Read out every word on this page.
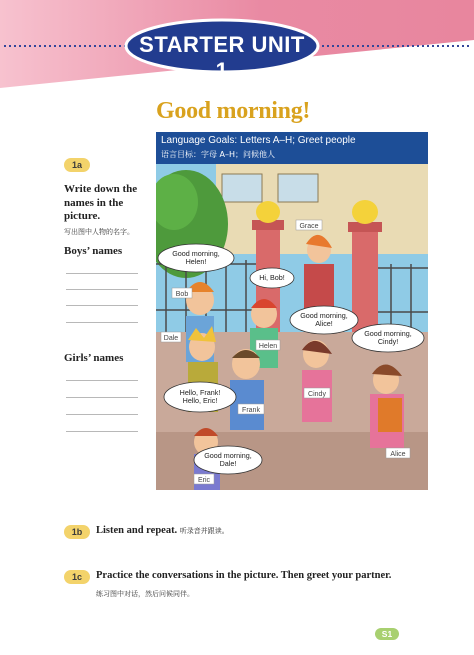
STARTER UNIT 1
Good morning!
Good morning, Helen!
Hi, Bob!
Good morning, Alice!
Good morning, Cindy!
Hello, Frank! Hello, Eric!
Good morning, Dale!
Grace
Bob
Dale
Helen
Frank
Cindy
Alice
Eric
Language Goals: Letters A–H; Greet people
语言目标：字母 A–H；问候他人
1a
Write down the names in the picture.
写出图中人物的名字。
Boys’ names
Girls’ names
1b	Listen and repeat. 听录音并跟读。
1c	Practice the conversations in the picture. Then greet your partner.
练习图中对话，然后问候同伴。
S1
